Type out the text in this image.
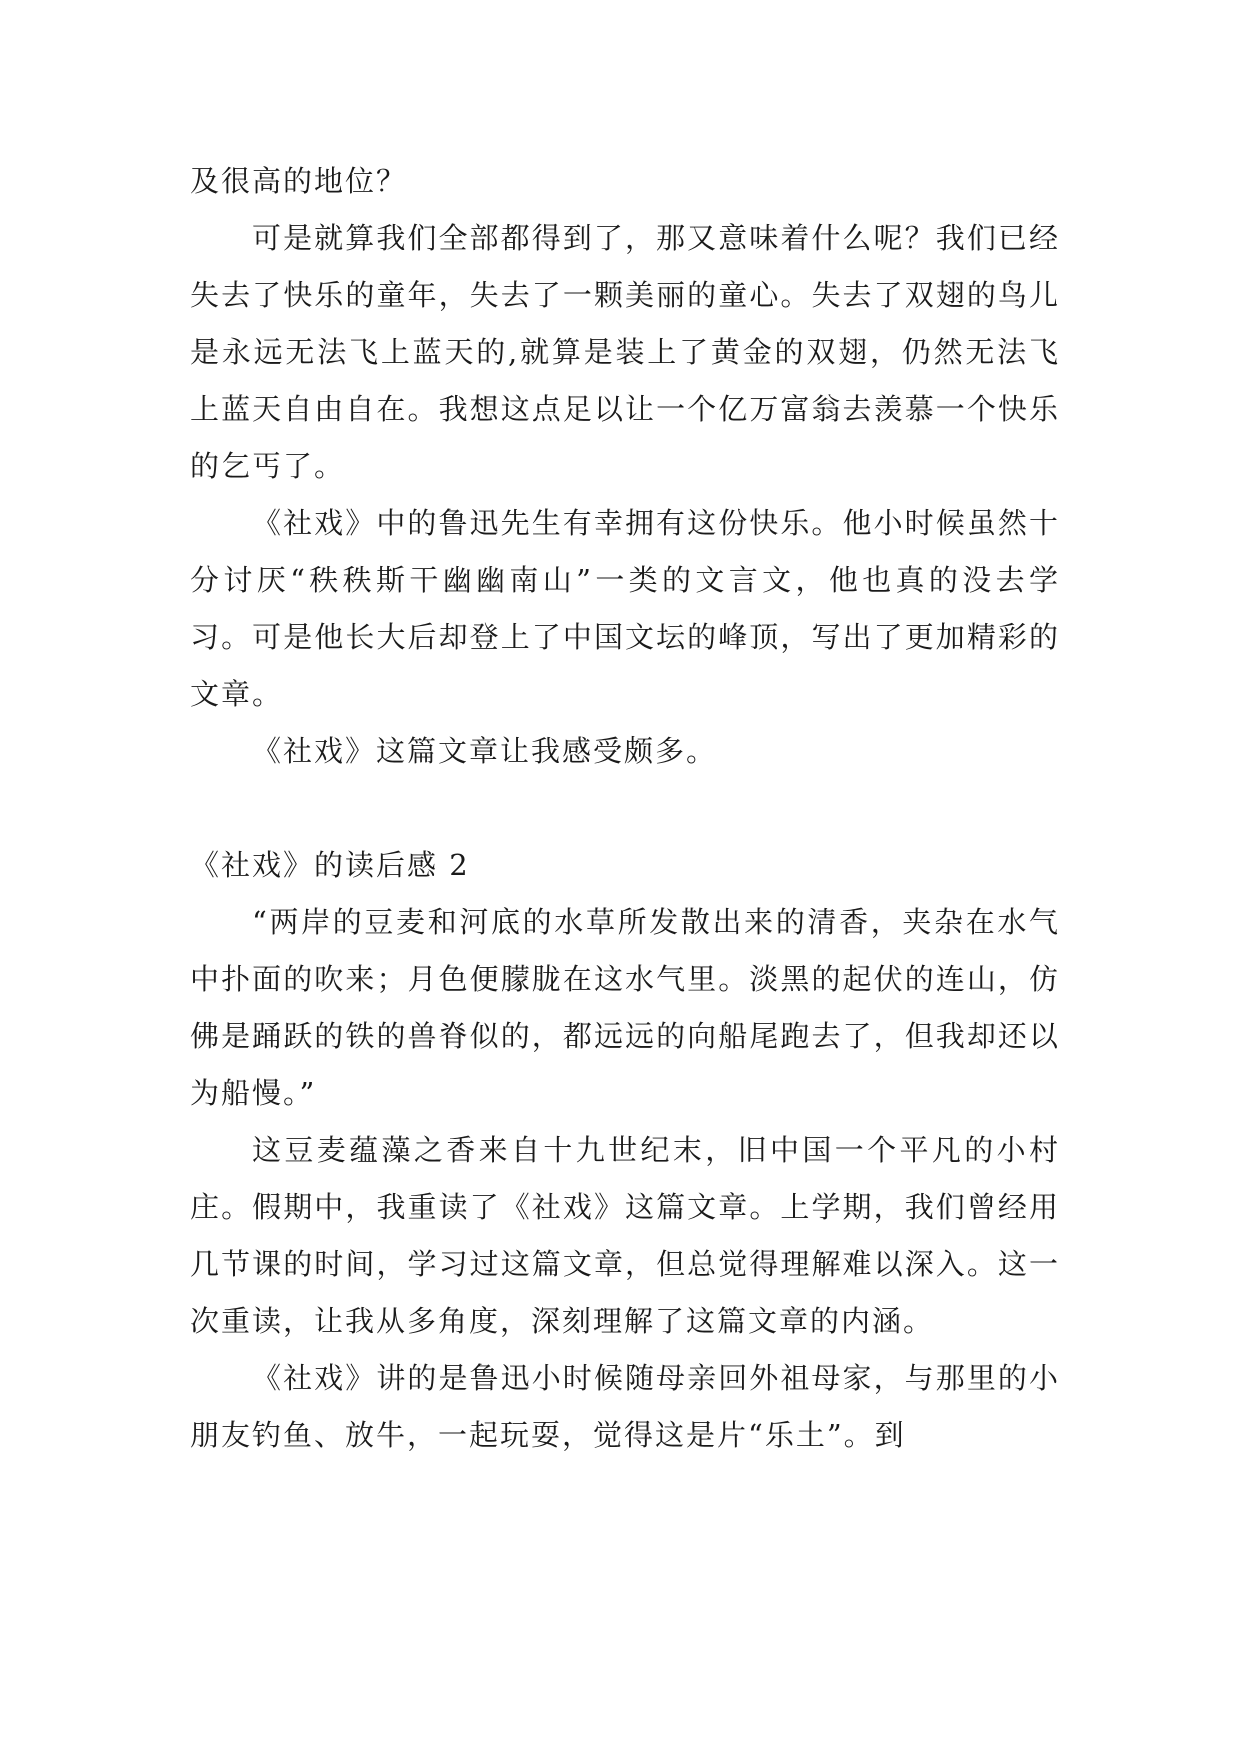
及很高的地位？

可是就算我们全部都得到了，那又意味着什么呢？我们已经失去了快乐的童年，失去了一颗美丽的童心。失去了双翅的鸟儿是永远无法飞上蓝天的,就算是装上了黄金的双翅，仍然无法飞上蓝天自由自在。我想这点足以让一个亿万富翁去羡慕一个快乐的乞丐了。

《社戏》中的鲁迅先生有幸拥有这份快乐。他小时候虽然十分讨厌“秩秩斯干幽幽南山”一类的文言文，他也真的没去学习。可是他长大后却登上了中国文坛的峰顶，写出了更加精彩的文章。

《社戏》这篇文章让我感受颇多。

《社戏》的读后感 2

“两岸的豆麦和河底的水草所发散出来的清香，夹杂在水气中扑面的吹来；月色便朦胧在这水气里。淡黑的起伏的连山，仿佛是踊跃的铁的兽脊似的，都远远的向船尾跑去了，但我却还以为船慢。”

这豆麦蕴藻之香来自十九世纪末，旧中国一个平凡的小村庄。假期中，我重读了《社戏》这篇文章。上学期，我们曾经用几节课的时间，学习过这篇文章，但总觉得理解难以深入。这一次重读，让我从多角度，深刻理解了这篇文章的内涵。

《社戏》讲的是鲁迅小时候随母亲回外祖母家，与那里的小朋友钓鱼、放牛，一起玩耍，觉得这是片“乐土”。到
